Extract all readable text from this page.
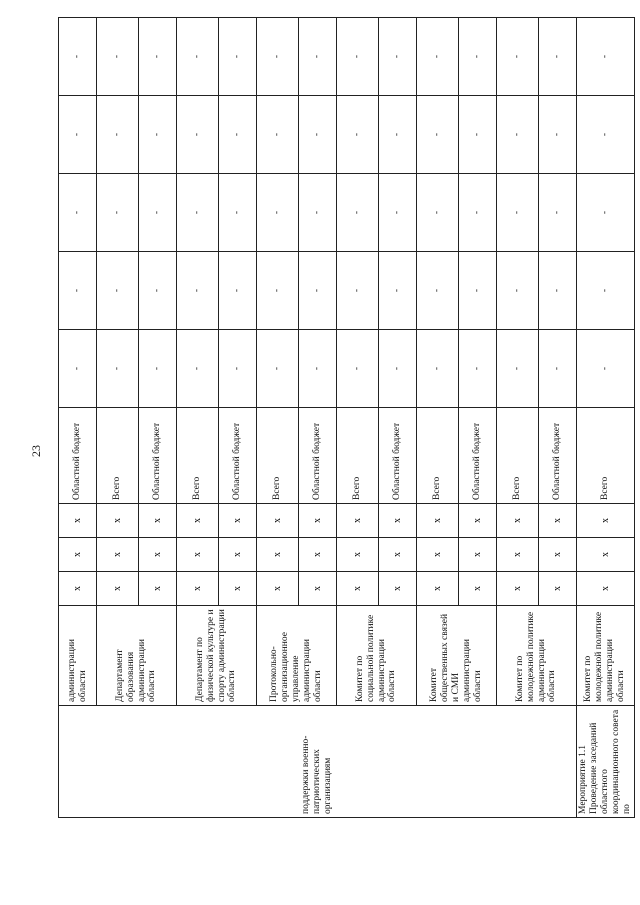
23
поддержки военно-патриотических организациям	администрации области	х	х	х	Областной бюджет	-	-	-	-	-
	Департамент образования администрации области	х	х	х	Всего	-	-	-	-	-
		х	х	х	Областной бюджет	-	-	-	-	-
	Департамент по физической культуре и спорту администрации области	х	х	х	Всего	-	-	-	-	-
		х	х	х	Областной бюджет	-	-	-	-	-
	Протокольно-организационное управление администрации области	х	х	х	Всего	-	-	-	-	-
		х	х	х	Областной бюджет	-	-	-	-	-
	Комитет по социальной политике администрации области	х	х	х	Всего	-	-	-	-	-
		х	х	х	Областной бюджет	-	-	-	-	-
	Комитет общественных связей и СМИ администрации области	х	х	х	Всего	-	-	-	-	-
		х	х	х	Областной бюджет	-	-	-	-	-
	Комитет по молодежной политике администрации области	х	х	х	Всего	-	-	-	-	-
		х	х	х	Областной бюджет	-	-	-	-	-
Мероприятие 1.1 Проведение заседаний областного координационного совета по	Комитет по молодежной политике администрации области	х	х	х	Всего	-	-	-	-	-
